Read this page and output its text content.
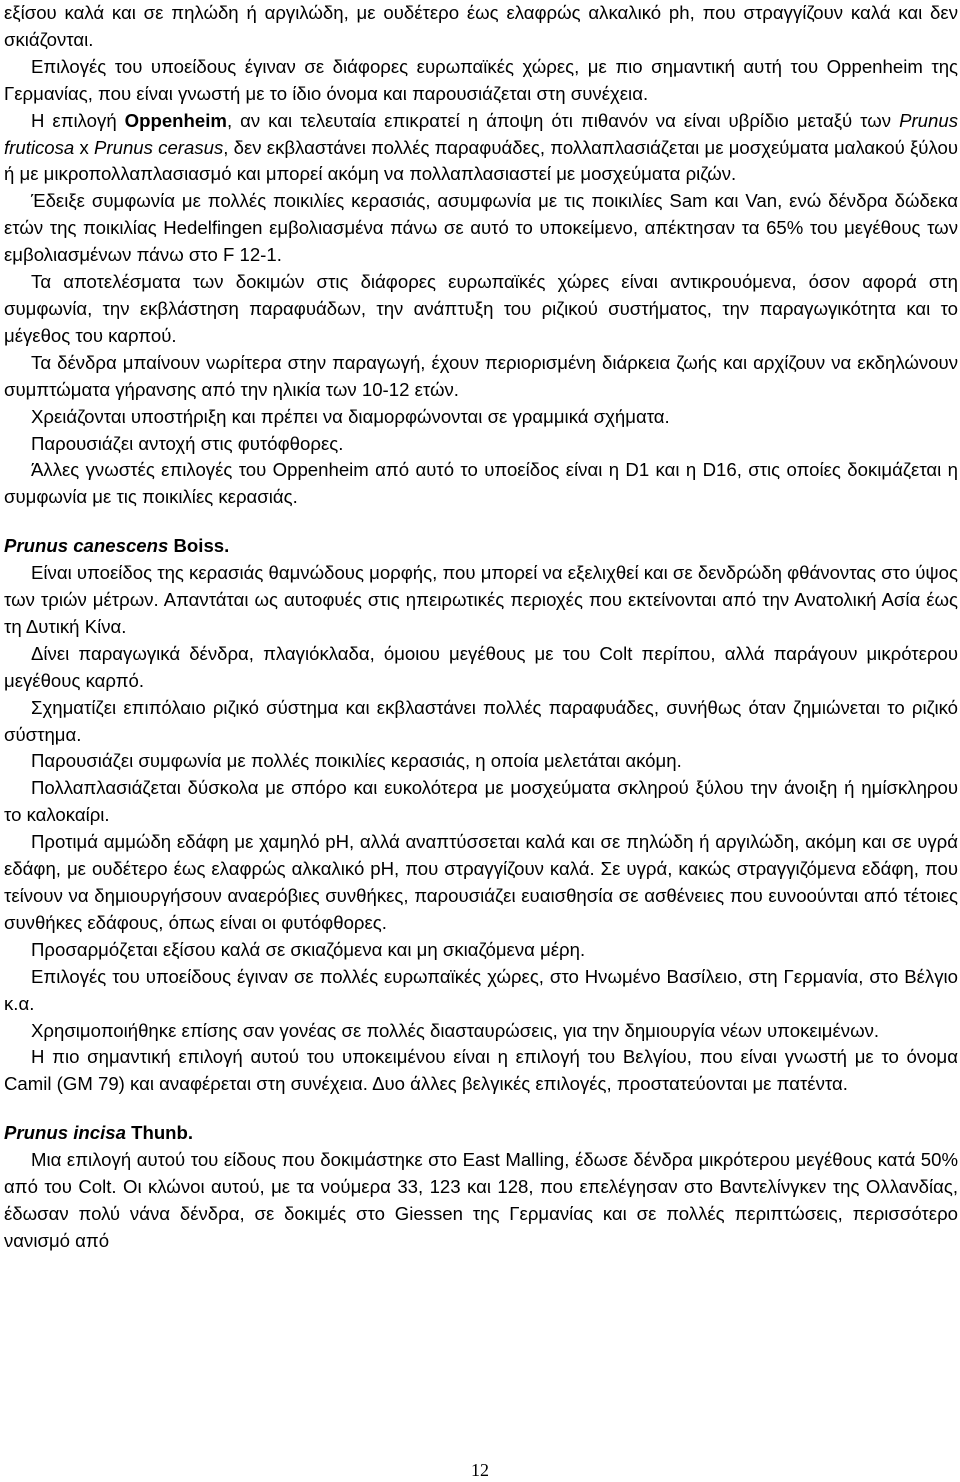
εξίσου καλά και σε πηλώδη ή αργιλώδη, με ουδέτερο έως ελαφρώς αλκαλικό ph, που στραγγίζουν καλά και δεν σκιάζονται.

Επιλογές του υποείδους έγιναν σε διάφορες ευρωπαϊκές χώρες, με πιο σημαντική αυτή του Oppenheim της Γερμανίας, που είναι γνωστή με το ίδιο όνομα και παρουσιάζεται στη συνέχεια.

Η επιλογή Oppenheim, αν και τελευταία επικρατεί η άποψη ότι πιθανόν να είναι υβρίδιο μεταξύ των Prunus fruticosa x Prunus cerasus, δεν εκβλαστάνει πολλές παραφυάδες, πολλαπλασιάζεται με μοσχεύματα μαλακού ξύλου ή με μικροπολλαπλασιασμό και μπορεί ακόμη να πολλαπλασιαστεί με μοσχεύματα ριζών.

Έδειξε συμφωνία με πολλές ποικιλίες κερασιάς, ασυμφωνία με τις ποικιλίες Sam και Van, ενώ δένδρα δώδεκα ετών της ποικιλίας Hedelfingen εμβολιασμένα πάνω σε αυτό το υποκείμενο, απέκτησαν τα 65% του μεγέθους των εμβολιασμένων πάνω στο F 12-1.

Τα αποτελέσματα των δοκιμών στις διάφορες ευρωπαϊκές χώρες είναι αντικρουόμενα, όσον αφορά στη συμφωνία, την εκβλάστηση παραφυάδων, την ανάπτυξη του ριζικού συστήματος, την παραγωγικότητα και το μέγεθος του καρπού.

Τα δένδρα μπαίνουν νωρίτερα στην παραγωγή, έχουν περιορισμένη διάρκεια ζωής και αρχίζουν να εκδηλώνουν συμπτώματα γήρανσης από την ηλικία των 10-12 ετών.

Χρειάζονται υποστήριξη και πρέπει να διαμορφώνονται σε γραμμικά σχήματα.

Παρουσιάζει αντοχή στις φυτόφθορες.

Άλλες γνωστές επιλογές του Oppenheim από αυτό το υποείδος είναι η D1 και η D16, στις οποίες δοκιμάζεται η συμφωνία με τις ποικιλίες κερασιάς.

Prunus canescens Boiss.

Είναι υποείδος της κερασιάς θαμνώδους μορφής, που μπορεί να εξελιχθεί και σε δενδρώδη φθάνοντας στο ύψος των τριών μέτρων. Απαντάται ως αυτοφυές στις ηπειρωτικές περιοχές που εκτείνονται από την Ανατολική Ασία έως τη Δυτική Κίνα.

Δίνει παραγωγικά δένδρα, πλαγιόκλαδα, όμοιου μεγέθους με του Colt περίπου, αλλά παράγουν μικρότερου μεγέθους καρπό.

Σχηματίζει επιπόλαιο ριζικό σύστημα και εκβλαστάνει πολλές παραφυάδες, συνήθως όταν ζημιώνεται το ριζικό σύστημα.

Παρουσιάζει συμφωνία με πολλές ποικιλίες κερασιάς, η οποία μελετάται ακόμη.

Πολλαπλασιάζεται δύσκολα με σπόρο και ευκολότερα με μοσχεύματα σκληρού ξύλου την άνοιξη ή ημίσκληρου το καλοκαίρι.

Προτιμά αμμώδη εδάφη με χαμηλό pH, αλλά αναπτύσσεται καλά και σε πηλώδη ή αργιλώδη, ακόμη και σε υγρά εδάφη, με ουδέτερο έως ελαφρώς αλκαλικό pH, που στραγγίζουν καλά. Σε υγρά, κακώς στραγγιζόμενα εδάφη, που τείνουν να δημιουργήσουν αναερόβιες συνθήκες, παρουσιάζει ευαισθησία σε ασθένειες που ευνοούνται από τέτοιες συνθήκες εδάφους, όπως είναι οι φυτόφθορες.

Προσαρμόζεται εξίσου καλά σε σκιαζόμενα και μη σκιαζόμενα μέρη.

Επιλογές του υποείδους έγιναν σε πολλές ευρωπαϊκές χώρες, στο Ηνωμένο Βασίλειο, στη Γερμανία, στο Βέλγιο κ.α.

Χρησιμοποιήθηκε επίσης σαν γονέας σε πολλές διασταυρώσεις, για την δημιουργία νέων υποκειμένων.

Η πιο σημαντική επιλογή αυτού του υποκειμένου είναι η επιλογή του Βελγίου, που είναι γνωστή με το όνομα Camil (GM 79) και αναφέρεται στη συνέχεια. Δυο άλλες βελγικές επιλογές, προστατεύονται με πατέντα.

Prunus incisa Thunb.

Μια επιλογή αυτού του είδους που δοκιμάστηκε στο East Malling, έδωσε δένδρα μικρότερου μεγέθους κατά 50% από του Colt. Οι κλώνοι αυτού, με τα νούμερα 33, 123 και 128, που επελέγησαν στο Βαντελίνγκεν της Ολλανδίας, έδωσαν πολύ νάνα δένδρα, σε δοκιμές στο Giessen της Γερμανίας και σε πολλές περιπτώσεις, περισσότερο νανισμό από

12
